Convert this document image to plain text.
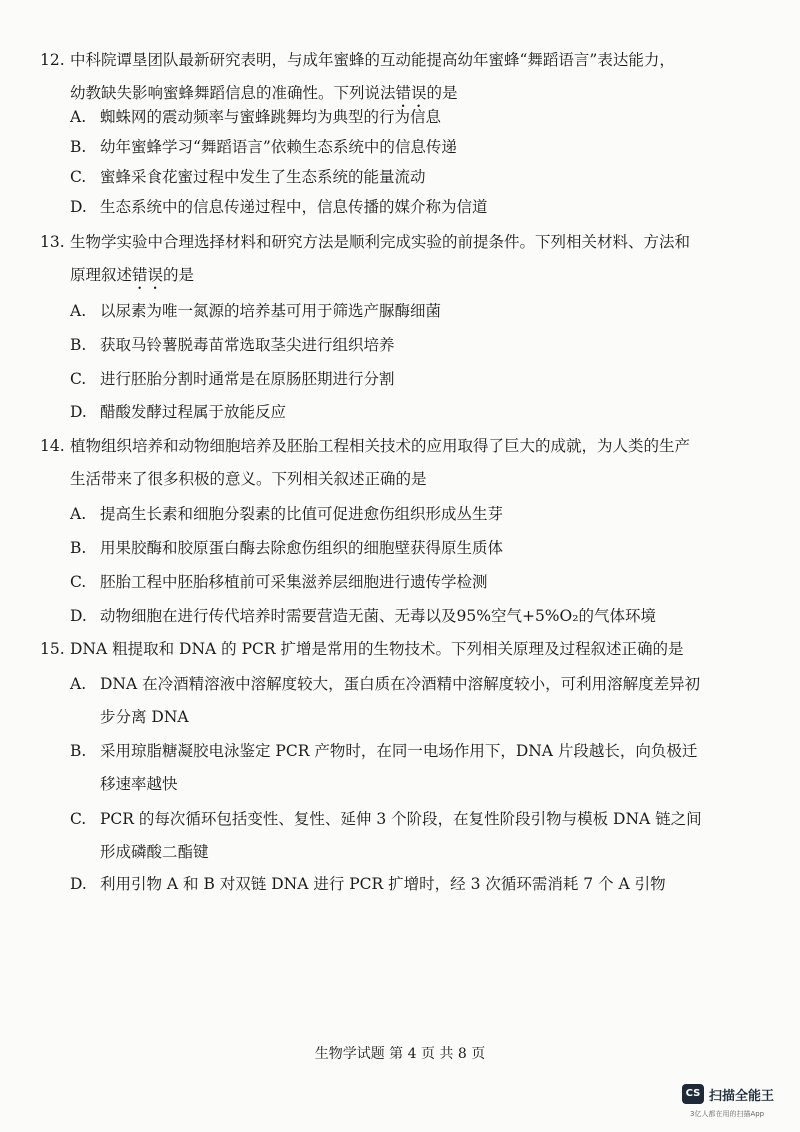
12. 中科院谭垦团队最新研究表明，与成年蜜蜂的互动能提高幼年蜜蜂“舞蹈语言”表达能力，
幼教缺失影响蜜蜂舞蹈信息的准确性。下列说法错误的是
A. 蜘蛛网的震动频率与蜜蜂跳舞均为典型的行为信息
B. 幼年蜜蜂学习“舞蹈语言”依赖生态系统中的信息传递
C. 蜜蜂采食花蜜过程中发生了生态系统的能量流动
D. 生态系统中的信息传递过程中，信息传播的媒介称为信道
13. 生物学实验中合理选择材料和研究方法是顺利完成实验的前提条件。下列相关材料、方法和
原理叙述错误的是
A. 以尿素为唯一氮源的培养基可用于筛选产脲酶细菌
B. 获取马铃薯脱毒苗常选取茎尖进行组织培养
C. 进行胚胎分割时通常是在原肠胚期进行分割
D. 醋酸发酵过程属于放能反应
14. 植物组织培养和动物细胞培养及胚胎工程相关技术的应用取得了巨大的成就，为人类的生产
生活带来了很多积极的意义。下列相关叙述正确的是
A. 提高生长素和细胞分裂素的比值可促进愈伤组织形成丛生芽
B. 用果胶酶和胶原蛋白酶去除愈伤组织的细胞壁获得原生质体
C. 胚胎工程中胚胎移植前可采集滋养层细胞进行遗传学检测
D. 动物细胞在进行传代培养时需要营造无菌、无毒以及95%空气+5%O₂的气体环境
15. DNA 粗提取和 DNA 的 PCR 扩增是常用的生物技术。下列相关原理及过程叙述正确的是
A. DNA 在冷酒精溶液中溶解度较大，蛋白质在冷酒精中溶解度较小，可利用溶解度差异初
步分离 DNA
B. 采用琼脂糖凝胶电泳鉴定 PCR 产物时，在同一电场作用下，DNA 片段越长，向负极迁
移速率越快
C. PCR 的每次循环包括变性、复性、延伸 3 个阶段，在复性阶段引物与模板 DNA 链之间
形成磷酸二酯键
D. 利用引物 A 和 B 对双链 DNA 进行 PCR 扩增时，经 3 次循环需消耗 7 个 A 引物
生物学试题 第 4 页 共 8 页
CS 扫描全能王
3亿人都在用的扫描App
